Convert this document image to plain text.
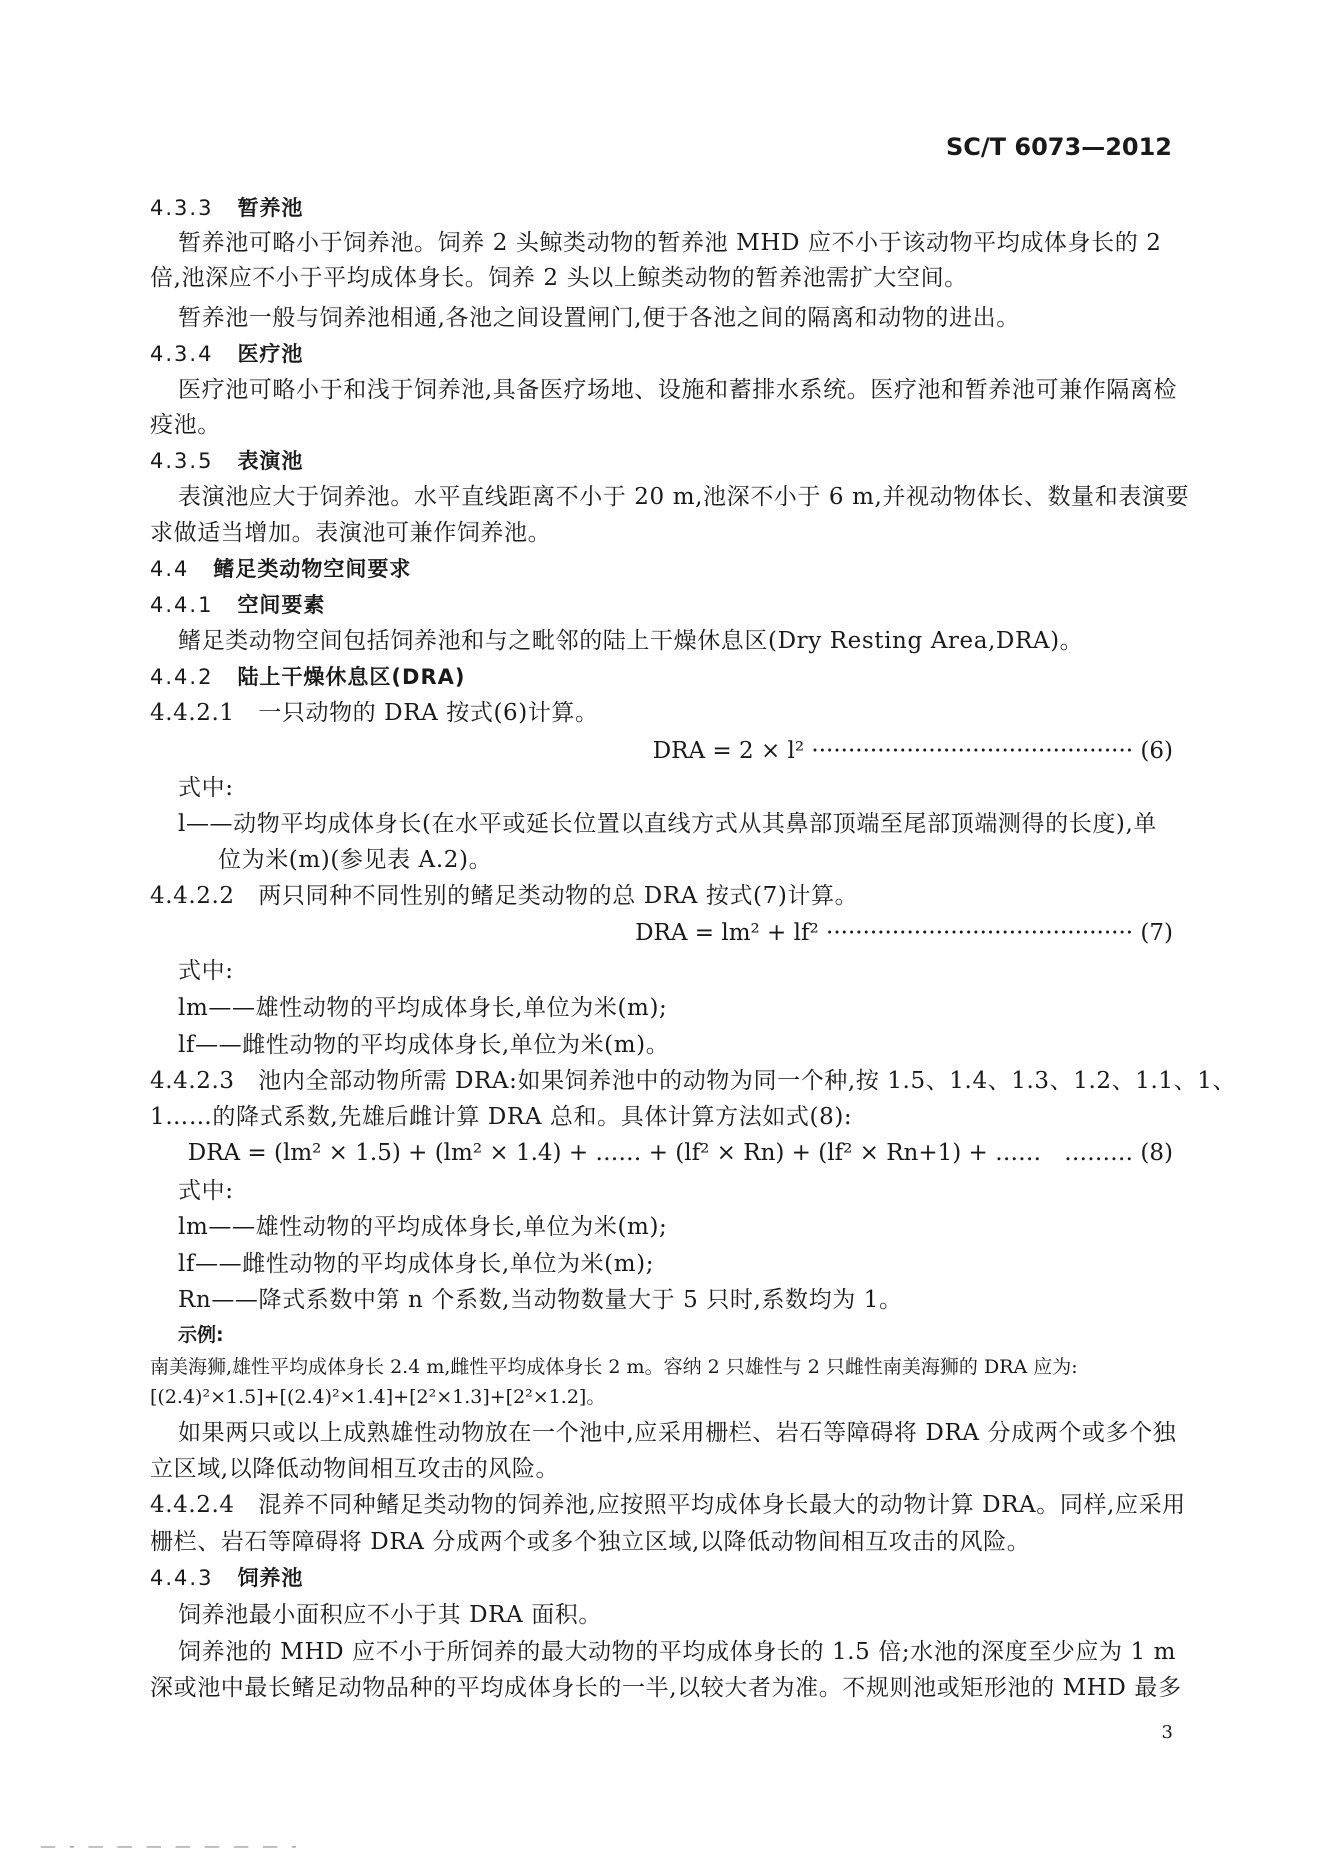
SC/T 6073—2012
4.3.3 暂养池
暂养池可略小于饲养池。饲养 2 头鲸类动物的暂养池 MHD 应不小于该动物平均成体身长的 2
倍,池深应不小于平均成体身长。饲养 2 头以上鲸类动物的暂养池需扩大空间。
暂养池一般与饲养池相通,各池之间设置闸门,便于各池之间的隔离和动物的进出。
4.3.4 医疗池
医疗池可略小于和浅于饲养池,具备医疗场地、设施和蓄排水系统。医疗池和暂养池可兼作隔离检
疫池。
4.3.5 表演池
表演池应大于饲养池。水平直线距离不小于 20 m,池深不小于 6 m,并视动物体长、数量和表演要
求做适当增加。表演池可兼作饲养池。
4.4 鳍足类动物空间要求
4.4.1 空间要素
鳍足类动物空间包括饲养池和与之毗邻的陆上干燥休息区(Dry Resting Area,DRA)。
4.4.2 陆上干燥休息区(DRA)
4.4.2.1　一只动物的 DRA 按式(6)计算。
DRA = 2 × l² ············································ (6)
式中:
l——动物平均成体身长(在水平或延长位置以直线方式从其鼻部顶端至尾部顶端测得的长度),单
位为米(m)(参见表 A.2)。
4.4.2.2　两只同种不同性别的鳍足类动物的总 DRA 按式(7)计算。
DRA = lm² + lf² ·········································· (7)
式中:
lm——雄性动物的平均成体身长,单位为米(m);
lf——雌性动物的平均成体身长,单位为米(m)。
4.4.2.3　池内全部动物所需 DRA:如果饲养池中的动物为同一个种,按 1.5、1.4、1.3、1.2、1.1、1、
1……的降式系数,先雄后雌计算 DRA 总和。具体计算方法如式(8):
DRA = (lm² × 1.5) + (lm² × 1.4) + …… + (lf² × Rn) + (lf² × Rn+1) + ……　……… (8)
式中:
lm——雄性动物的平均成体身长,单位为米(m);
lf——雌性动物的平均成体身长,单位为米(m);
Rn——降式系数中第 n 个系数,当动物数量大于 5 只时,系数均为 1。
示例:
南美海狮,雄性平均成体身长 2.4 m,雌性平均成体身长 2 m。容纳 2 只雄性与 2 只雌性南美海狮的 DRA 应为:
[(2.4)²×1.5]+[(2.4)²×1.4]+[2²×1.3]+[2²×1.2]。
如果两只或以上成熟雄性动物放在一个池中,应采用栅栏、岩石等障碍将 DRA 分成两个或多个独
立区域,以降低动物间相互攻击的风险。
4.4.2.4　混养不同种鳍足类动物的饲养池,应按照平均成体身长最大的动物计算 DRA。同样,应采用
栅栏、岩石等障碍将 DRA 分成两个或多个独立区域,以降低动物间相互攻击的风险。
4.4.3 饲养池
饲养池最小面积应不小于其 DRA 面积。
饲养池的 MHD 应不小于所饲养的最大动物的平均成体身长的 1.5 倍;水池的深度至少应为 1 m
深或池中最长鳍足动物品种的平均成体身长的一半,以较大者为准。不规则池或矩形池的 MHD 最多
3
— - — — — — — — — -
